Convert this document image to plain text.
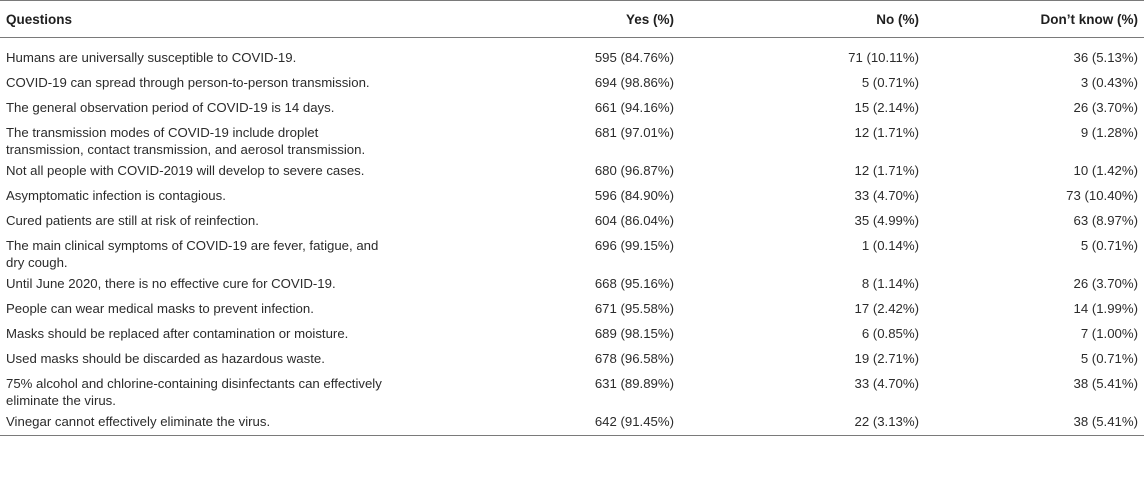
Questions	Yes (%)	No (%)	Don’t know (%)

Humans are universally susceptible to COVID-19.	595 (84.76%)	71 (10.11%)	36 (5.13%)

COVID-19 can spread through person-to-person transmission.	694 (98.86%)	5 (0.71%)	3 (0.43%)

The general observation period of COVID-19 is 14 days.	661 (94.16%)	15 (2.14%)	26 (3.70%)

The transmission modes of COVID-19 include droplet
transmission, contact transmission, and aerosol transmission.	681 (97.01%)	12 (1.71%)	9 (1.28%)

Not all people with COVID-2019 will develop to severe cases.	680 (96.87%)	12 (1.71%)	10 (1.42%)

Asymptomatic infection is contagious.	596 (84.90%)	33 (4.70%)	73 (10.40%)

Cured patients are still at risk of reinfection.	604 (86.04%)	35 (4.99%)	63 (8.97%)

The main clinical symptoms of COVID-19 are fever, fatigue, and
dry cough.	696 (99.15%)	1 (0.14%)	5 (0.71%)

Until June 2020, there is no effective cure for COVID-19.	668 (95.16%)	8 (1.14%)	26 (3.70%)

People can wear medical masks to prevent infection.	671 (95.58%)	17 (2.42%)	14 (1.99%)

Masks should be replaced after contamination or moisture.	689 (98.15%)	6 (0.85%)	7 (1.00%)

Used masks should be discarded as hazardous waste.	678 (96.58%)	19 (2.71%)	5 (0.71%)

75% alcohol and chlorine-containing disinfectants can effectively
eliminate the virus.	631 (89.89%)	33 (4.70%)	38 (5.41%)

Vinegar cannot effectively eliminate the virus.	642 (91.45%)	22 (3.13%)	38 (5.41%)
